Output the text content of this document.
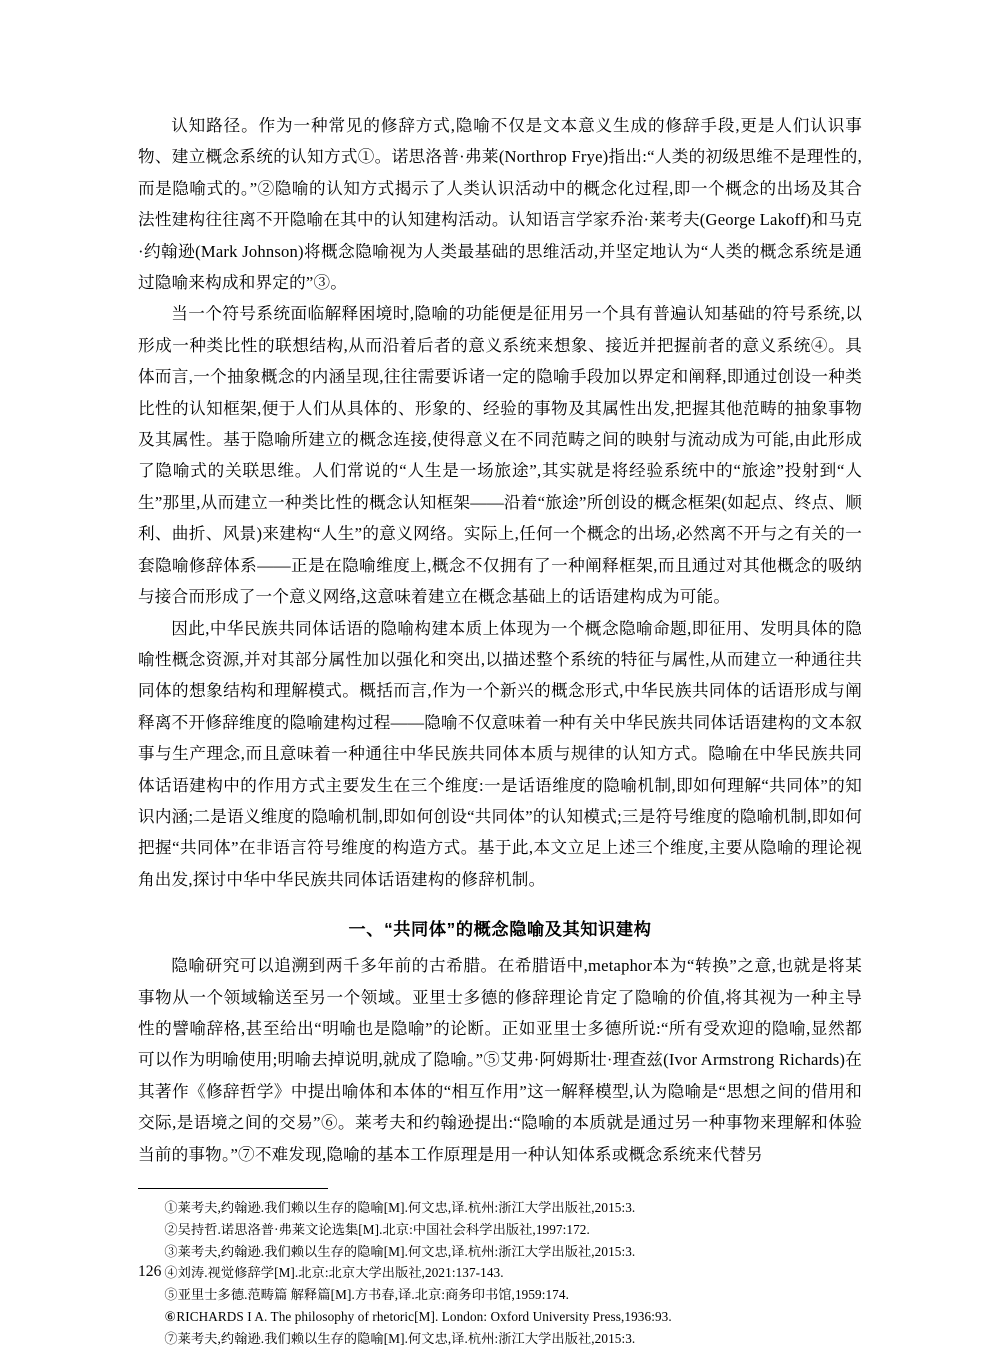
认知路径。作为一种常见的修辞方式,隐喻不仅是文本意义生成的修辞手段,更是人们认识事物、建立概念系统的认知方式①。诺思洛普·弗莱(Northrop Frye)指出:“人类的初级思维不是理性的,而是隐喻式的。”②隐喻的认知方式揭示了人类认识活动中的概念化过程,即一个概念的出场及其合法性建构往往离不开隐喻在其中的认知建构活动。认知语言学家乔治·莱考夫(George Lakoff)和马克·约翰逊(Mark Johnson)将概念隐喻视为人类最基础的思维活动,并坚定地认为“人类的概念系统是通过隐喻来构成和界定的”③。

当一个符号系统面临解释困境时,隐喻的功能便是征用另一个具有普遍认知基础的符号系统,以形成一种类比性的联想结构,从而沿着后者的意义系统来想象、接近并把握前者的意义系统④。具体而言,一个抽象概念的内涵呈现,往往需要诉诸一定的隐喻手段加以界定和阐释,即通过创设一种类比性的认知框架,便于人们从具体的、形象的、经验的事物及其属性出发,把握其他范畴的抽象事物及其属性。基于隐喻所建立的概念连接,使得意义在不同范畴之间的映射与流动成为可能,由此形成了隐喻式的关联思维。人们常说的“人生是一场旅途”,其实就是将经验系统中的“旅途”投射到“人生”那里,从而建立一种类比性的概念认知框架——沿着“旅途”所创设的概念框架(如起点、终点、顺利、曲折、风景)来建构“人生”的意义网络。实际上,任何一个概念的出场,必然离不开与之有关的一套隐喻修辞体系——正是在隐喻维度上,概念不仅拥有了一种阐释框架,而且通过对其他概念的吸纳与接合而形成了一个意义网络,这意味着建立在概念基础上的话语建构成为可能。

因此,中华民族共同体话语的隐喻构建本质上体现为一个概念隐喻命题,即征用、发明具体的隐喻性概念资源,并对其部分属性加以强化和突出,以描述整个系统的特征与属性,从而建立一种通往共同体的想象结构和理解模式。概括而言,作为一个新兴的概念形式,中华民族共同体的话语形成与阐释离不开修辞维度的隐喻建构过程——隐喻不仅意味着一种有关中华民族共同体话语建构的文本叙事与生产理念,而且意味着一种通往中华民族共同体本质与规律的认知方式。隐喻在中华民族共同体话语建构中的作用方式主要发生在三个维度:一是话语维度的隐喻机制,即如何理解“共同体”的知识内涵;二是语义维度的隐喻机制,即如何创设“共同体”的认知模式;三是符号维度的隐喻机制,即如何把握“共同体”在非语言符号维度的构造方式。基于此,本文立足上述三个维度,主要从隐喻的理论视角出发,探讨中华中华民族共同体话语建构的修辞机制。

一、“共同体”的概念隐喻及其知识建构

隐喻研究可以追溯到两千多年前的古希腊。在希腊语中,metaphor本为“转换”之意,也就是将某事物从一个领域输送至另一个领域。亚里士多德的修辞理论肯定了隐喻的价值,将其视为一种主导性的譬喻辞格,甚至给出“明喻也是隐喻”的论断。正如亚里士多德所说:“所有受欢迎的隐喻,显然都可以作为明喻使用;明喻去掉说明,就成了隐喻。”⑤艾弗·阿姆斯壮·理查兹(Ivor Armstrong Richards)在其著作《修辞哲学》中提出喻体和本体的“相互作用”这一解释模型,认为隐喻是“思想之间的借用和交际,是语境之间的交易”⑥。莱考夫和约翰逊提出:“隐喻的本质就是通过另一种事物来理解和体验当前的事物。”⑦不难发现,隐喻的基本工作原理是用一种认知体系或概念系统来代替另

①莱考夫,约翰逊.我们赖以生存的隐喻[M].何文忠,译.杭州:浙江大学出版社,2015:3.

②吴持哲.诺思洛普·弗莱文论选集[M].北京:中国社会科学出版社,1997:172.

③莱考夫,约翰逊.我们赖以生存的隐喻[M].何文忠,译.杭州:浙江大学出版社,2015:3.

④刘涛.视觉修辞学[M].北京:北京大学出版社,2021:137-143.

⑤亚里士多德.范畴篇 解释篇[M].方书春,译.北京:商务印书馆,1959:174.

⑥RICHARDS I A. The philosophy of rhetoric[M]. London: Oxford University Press,1936:93.

⑦莱考夫,约翰逊.我们赖以生存的隐喻[M].何文忠,译.杭州:浙江大学出版社,2015:3.

126
